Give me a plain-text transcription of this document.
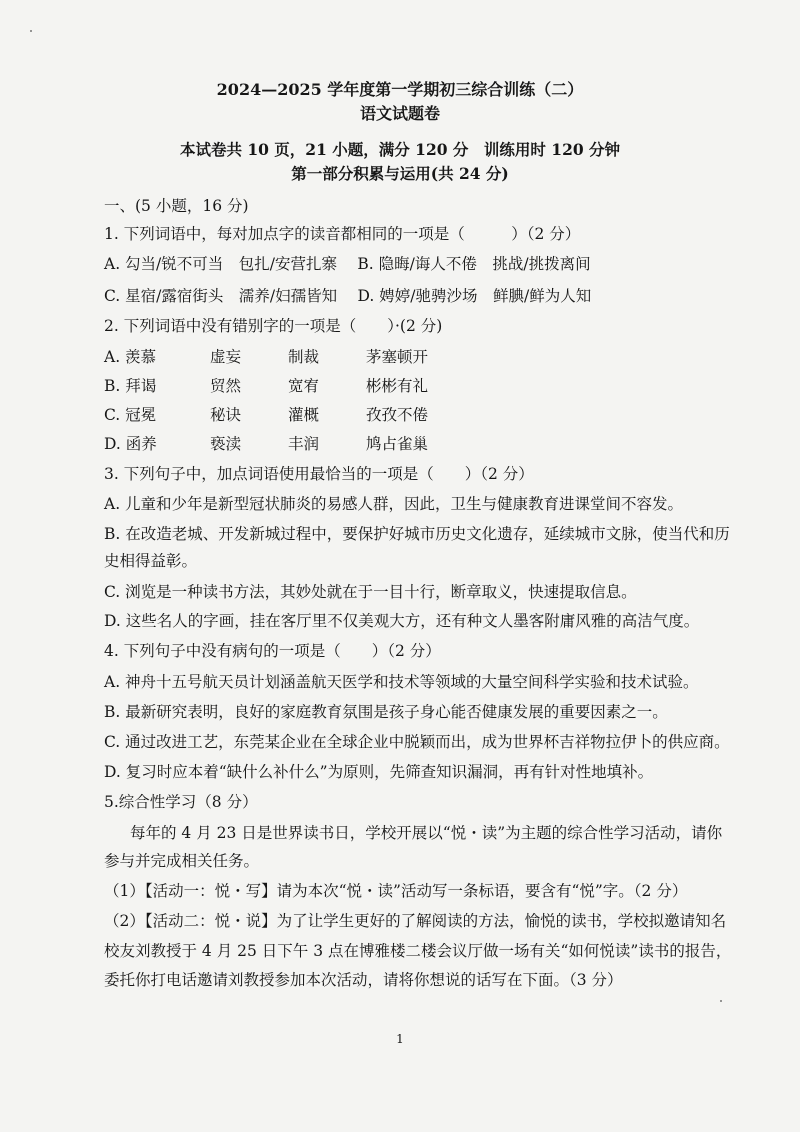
2024—2025 学年度第一学期初三综合训练（二）
语文试题卷
本试卷共 10 页，21 小题，满分 120 分　训练用时 120 分钟
第一部分积累与运用(共 24 分)
一、(5 小题，16 分)
1. 下列词语中，每对加点字的读音都相同的一项是（　　　）（2 分）
A. 勾当/锐不可当　包扎/安营扎寨　 B. 隐晦/诲人不倦　挑战/挑拨离间
C. 星宿/露宿街头　濡养/妇孺皆知　 D. 娉婷/驰骋沙场　鲜腆/鲜为人知
2. 下列词语中没有错别字的一项是（　　）·(2 分)
A. 羡慕	虚妄	制裁	茅塞顿开
B. 拜谒	贸然	宽宥	彬彬有礼
C. 冠冕	秘诀	灌概	孜孜不倦
D. 函养	亵渎	丰润	鸠占雀巢
3. 下列句子中，加点词语使用最恰当的一项是（　　）（2 分）
A. 儿童和少年是新型冠状肺炎的易感人群，因此，卫生与健康教育进课堂间不容发。
B. 在改造老城、开发新城过程中，要保护好城市历史文化遗存，延续城市文脉，使当代和历
史相得益彰。
C. 浏览是一种读书方法，其妙处就在于一目十行，断章取义，快速提取信息。
D. 这些名人的字画，挂在客厅里不仅美观大方，还有种文人墨客附庸风雅的高洁气度。
4. 下列句子中没有病句的一项是（　　）（2 分）
A. 神舟十五号航天员计划涵盖航天医学和技术等领域的大量空间科学实验和技术试验。
B. 最新研究表明，良好的家庭教育氛围是孩子身心能否健康发展的重要因素之一。
C. 通过改进工艺，东莞某企业在全球企业中脱颖而出，成为世界杯吉祥物拉伊卜的供应商。
D. 复习时应本着“缺什么补什么”为原则，先筛查知识漏洞，再有针对性地填补。
5.综合性学习（8 分）
每年的 4 月 23 日是世界读书日，学校开展以“悦・读”为主题的综合性学习活动，请你
参与并完成相关任务。
（1）【活动一：悦・写】请为本次“悦・读”活动写一条标语，要含有“悦”字。（2 分）
（2）【活动二：悦・说】为了让学生更好的了解阅读的方法，愉悦的读书，学校拟邀请知名
校友刘教授于 4 月 25 日下午 3 点在博雅楼二楼会议厅做一场有关“如何悦读”读书的报告，
委托你打电话邀请刘教授参加本次活动，请将你想说的话写在下面。（3 分）
1
